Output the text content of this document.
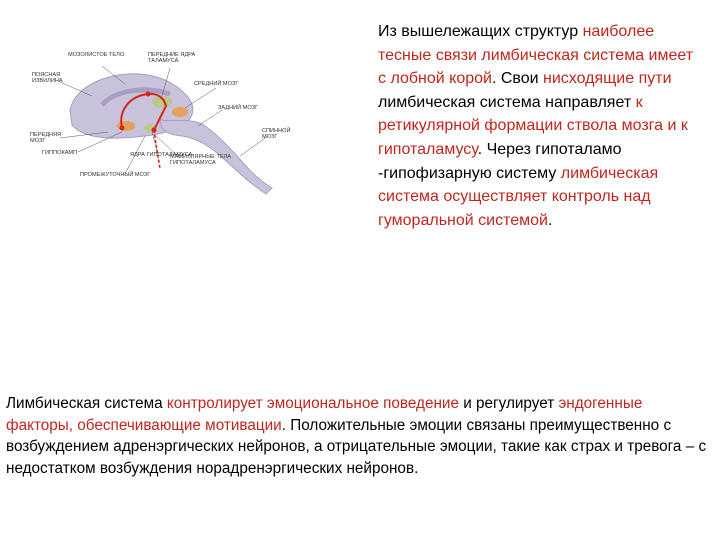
МОЗОЛИСТОЕ ТЕЛО	ПЕРЕДНИЕ ЯДРА ТАЛАМУСА
ПОЯСНАЯ ИЗВИЛИНА	СРЕДНИЙ МОЗГ
ЗАДНИЙ МОЗГ
ПЕРЕДНЯЯ МОЗГ
ГИППОКАМП
СПИННОЙ МОЗГ
ЯДРА ГИПОТАЛАМУСА
МАМИЛЛЯРНЫЕ ТЕЛА ГИПОТАЛАМУСА
ПРОМЕЖУТОЧНЫЙ МОЗГ
Из вышележащих структур наиболее тесные связи лимбическая система имеет с лобной корой. Свои нисходящие пути лимбическая система направляет к ретикулярной формации ствола мозга и к гипоталамусу. Через гипоталамо -гипофизарную систему лимбическая система осуществляет контроль над гуморальной системой.
Лимбическая система контролирует эмоциональное поведение и регулирует эндогенные факторы, обеспечивающие мотивации. Положительные эмоции связаны преимущественно с возбуждением адренэргических нейронов, а отрицательные эмоции, такие как страх и тревога – с недостатком возбуждения норадренэргических нейронов.
